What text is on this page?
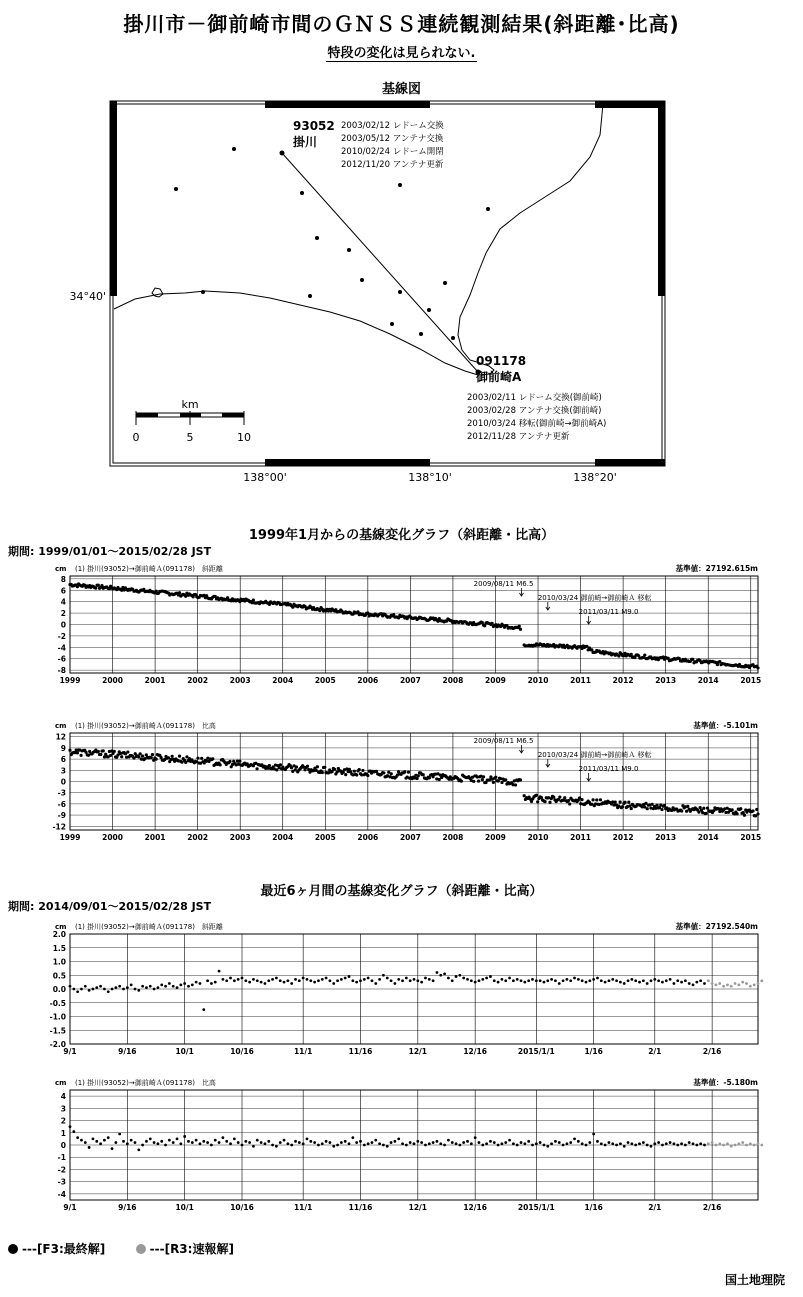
掛川市－御前崎市間のＧＮＳＳ連続観測結果(斜距離･比高)
特段の変化は見られない.
基線図
93052
掛川
2003/02/12 レドーム交換
2003/05/12 アンテナ交換
2010/02/24 レドーム開閉
2012/11/20 アンテナ更新
091178
御前崎A
2003/02/11 レドーム交換(御前崎)
2003/02/28 アンテナ交換(御前崎)
2010/03/24 移転(御前崎→御前崎A)
2012/11/28 アンテナ更新
34°40'
138°00'	138°10'	138°20'
km
0	5	10
1999年1月からの基線変化グラフ（斜距離・比高）
期間: 1999/01/01～2015/02/28 JST
cm (1) 掛川(93052)→御前崎Ａ(091178)　斜距離	基準値：27192.615m
8
6
4
2
0
-2
-4
-6
-8
1999	2000	2001	2002	2003	2004	2005	2006	2007	2008	2009	2010	2011	2012	2013	2014	2015
2009/08/11 M6.5
2010/03/24 御前崎→御前崎Ａ 移転
2011/03/11 M9.0
cm (1) 掛川(93052)→御前崎Ａ(091178)　比高	基準値：-5.101m
12
9
6
3
0
-3
-6
-9
-12
1999	2000	2001	2002	2003	2004	2005	2006	2007	2008	2009	2010	2011	2012	2013	2014	2015
2009/08/11 M6.5
2010/03/24 御前崎→御前崎Ａ 移転
2011/03/11 M9.0
最近6ヶ月間の基線変化グラフ（斜距離・比高）
期間: 2014/09/01～2015/02/28 JST
cm (1) 掛川(93052)→御前崎Ａ(091178)　斜距離	基準値：27192.540m
2.0
1.5
1.0
0.5
0.0
-0.5
-1.0
-1.5
-2.0
9/1	9/16	10/1	10/16	11/1	11/16	12/1	12/16	2015/1/1	1/16	2/1	2/16
cm (1) 掛川(93052)→御前崎Ａ(091178)　比高	基準値：-5.180m
4
3
2
1
0
-1
-2
-3
-4
9/1	9/16	10/1	10/16	11/1	11/16	12/1	12/16	2015/1/1	1/16	2/1	2/16
---[F3:最終解]	---[R3:速報解]
国土地理院
